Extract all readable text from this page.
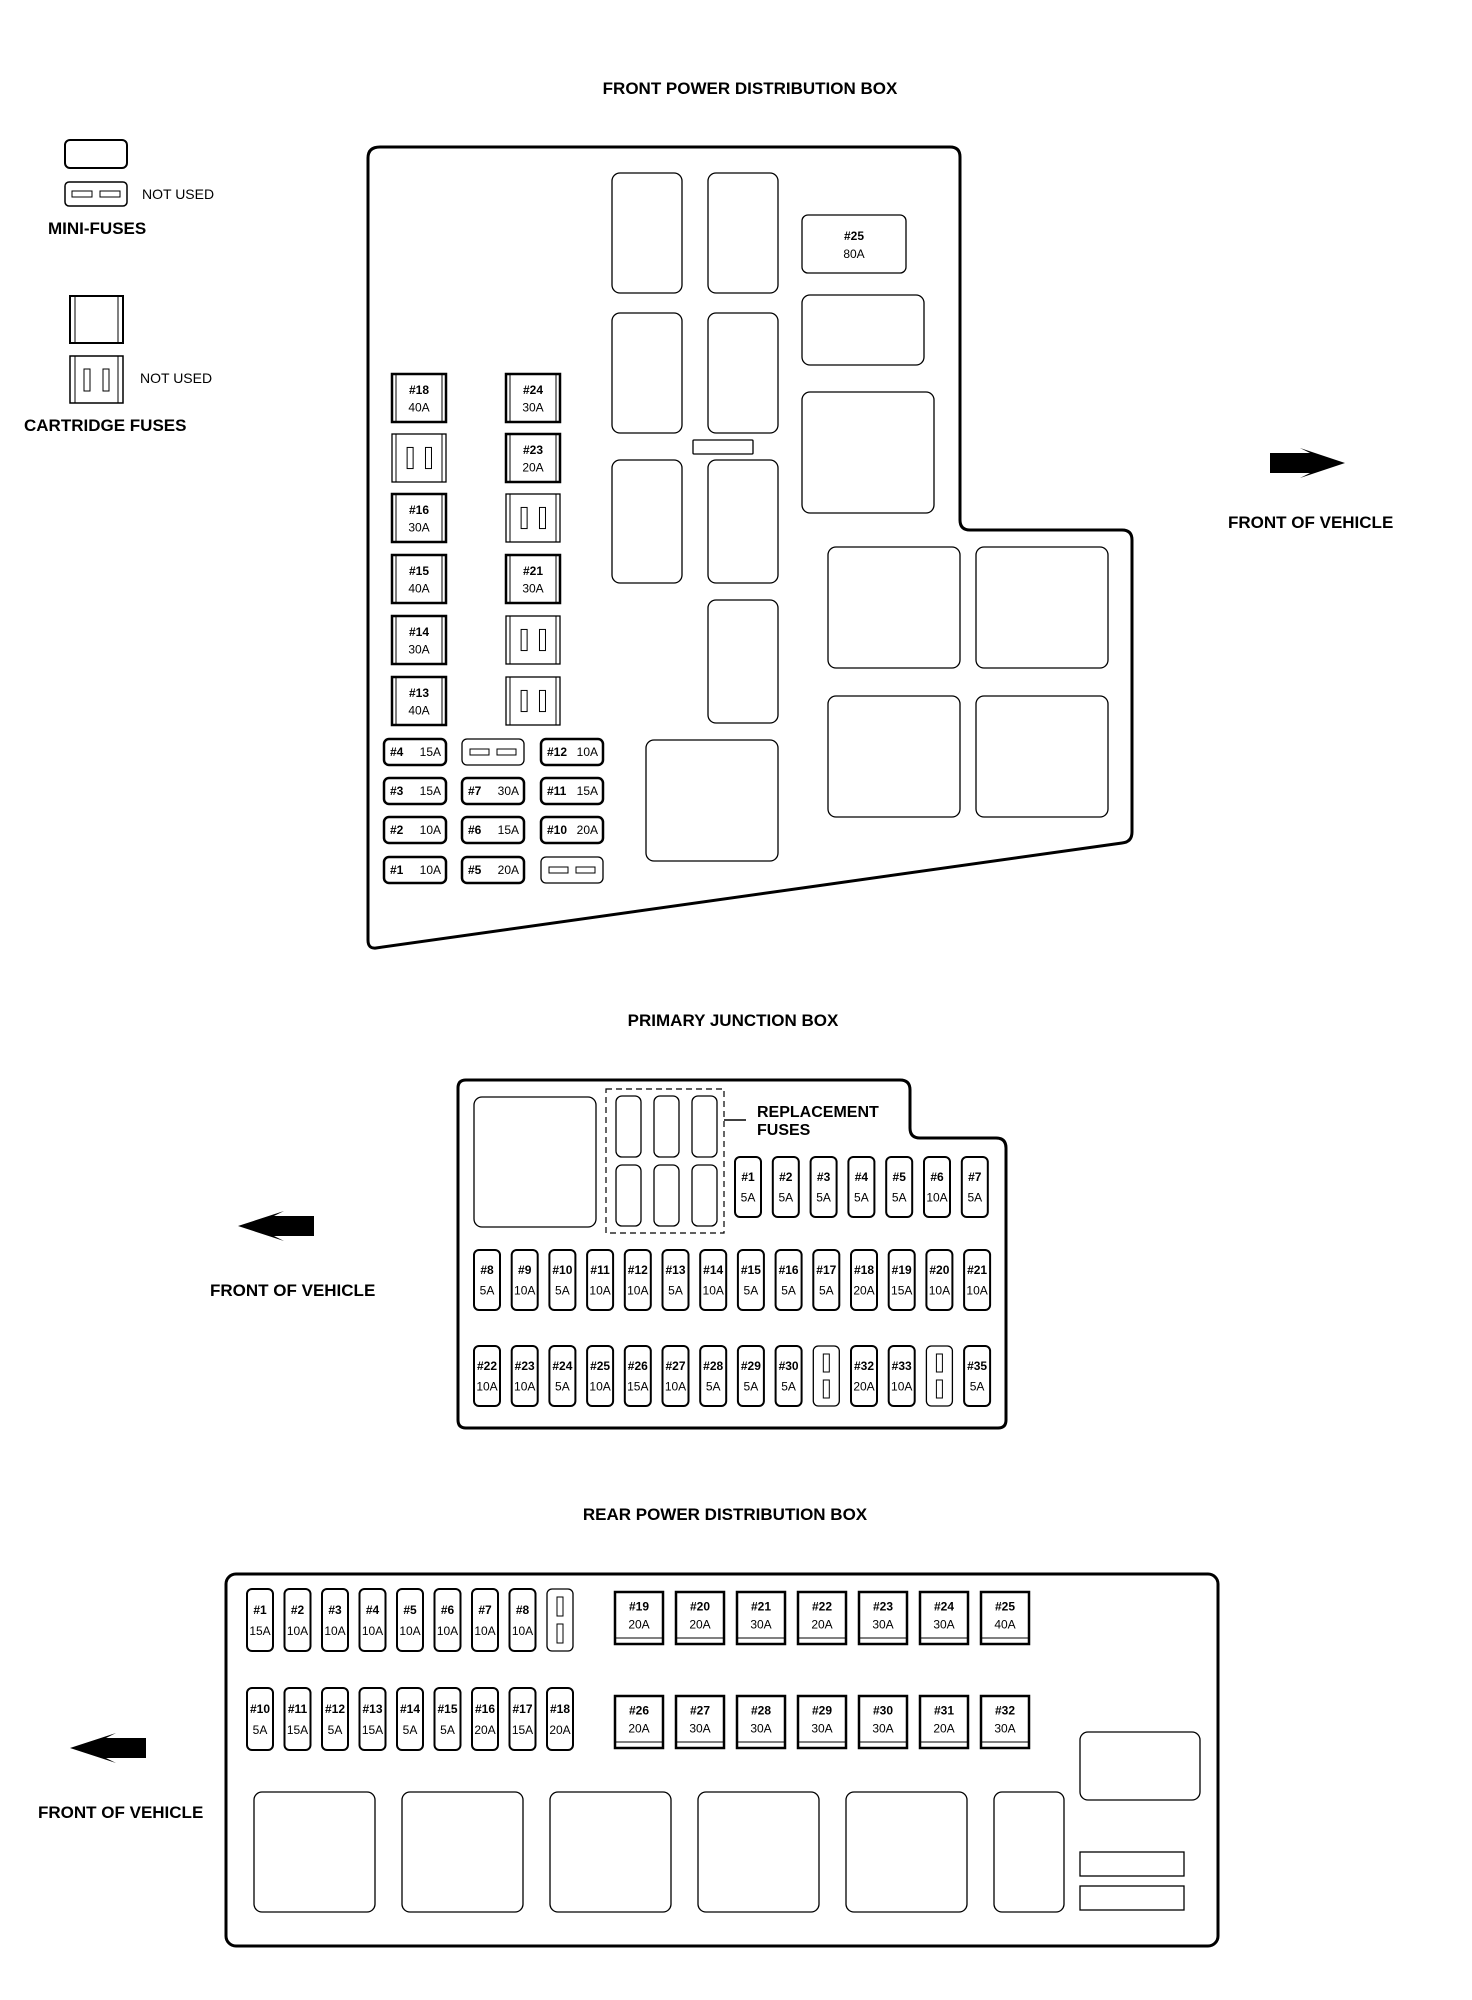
FRONT POWER DISTRIBUTION BOX
PRIMARY JUNCTION BOX
REAR POWER DISTRIBUTION BOX
NOT USED
MINI-FUSES
NOT USED
CARTRIDGE FUSES
#25
80A
#18
40A
#16
30A
#15
40A
#14
30A
#13
40A
#24
30A
#23
20A
#21
30A
#4 15A
#3 15A
#2 10A
#1 10A
#7 30A
#6 15A
#5 20A
#12 10A
#11 15A
#10 20A
FRONT OF VEHICLE
REPLACEMENT
FUSES
#1
5A
#2
5A
#3
5A
#4
5A
#5
5A
#6
10A
#7
5A
#8
5A
#9
10A
#10
5A
#11
10A
#12
10A
#13
5A
#14
10A
#15
5A
#16
5A
#17
5A
#18
20A
#19
15A
#20
10A
#21
10A
#22
10A
#23
10A
#24
5A
#25
10A
#26
15A
#27
10A
#28
5A
#29
5A
#30
5A
#32
20A
#33
10A
#35
5A
FRONT OF VEHICLE
#1
15A
#2
10A
#3
10A
#4
10A
#5
10A
#6
10A
#7
10A
#8
10A
#10
5A
#11
15A
#12
5A
#13
15A
#14
5A
#15
5A
#16
20A
#17
15A
#18
20A
#19
20A
#20
20A
#21
30A
#22
20A
#23
30A
#24
30A
#25
40A
#26
20A
#27
30A
#28
30A
#29
30A
#30
30A
#31
20A
#32
30A
FRONT OF VEHICLE
